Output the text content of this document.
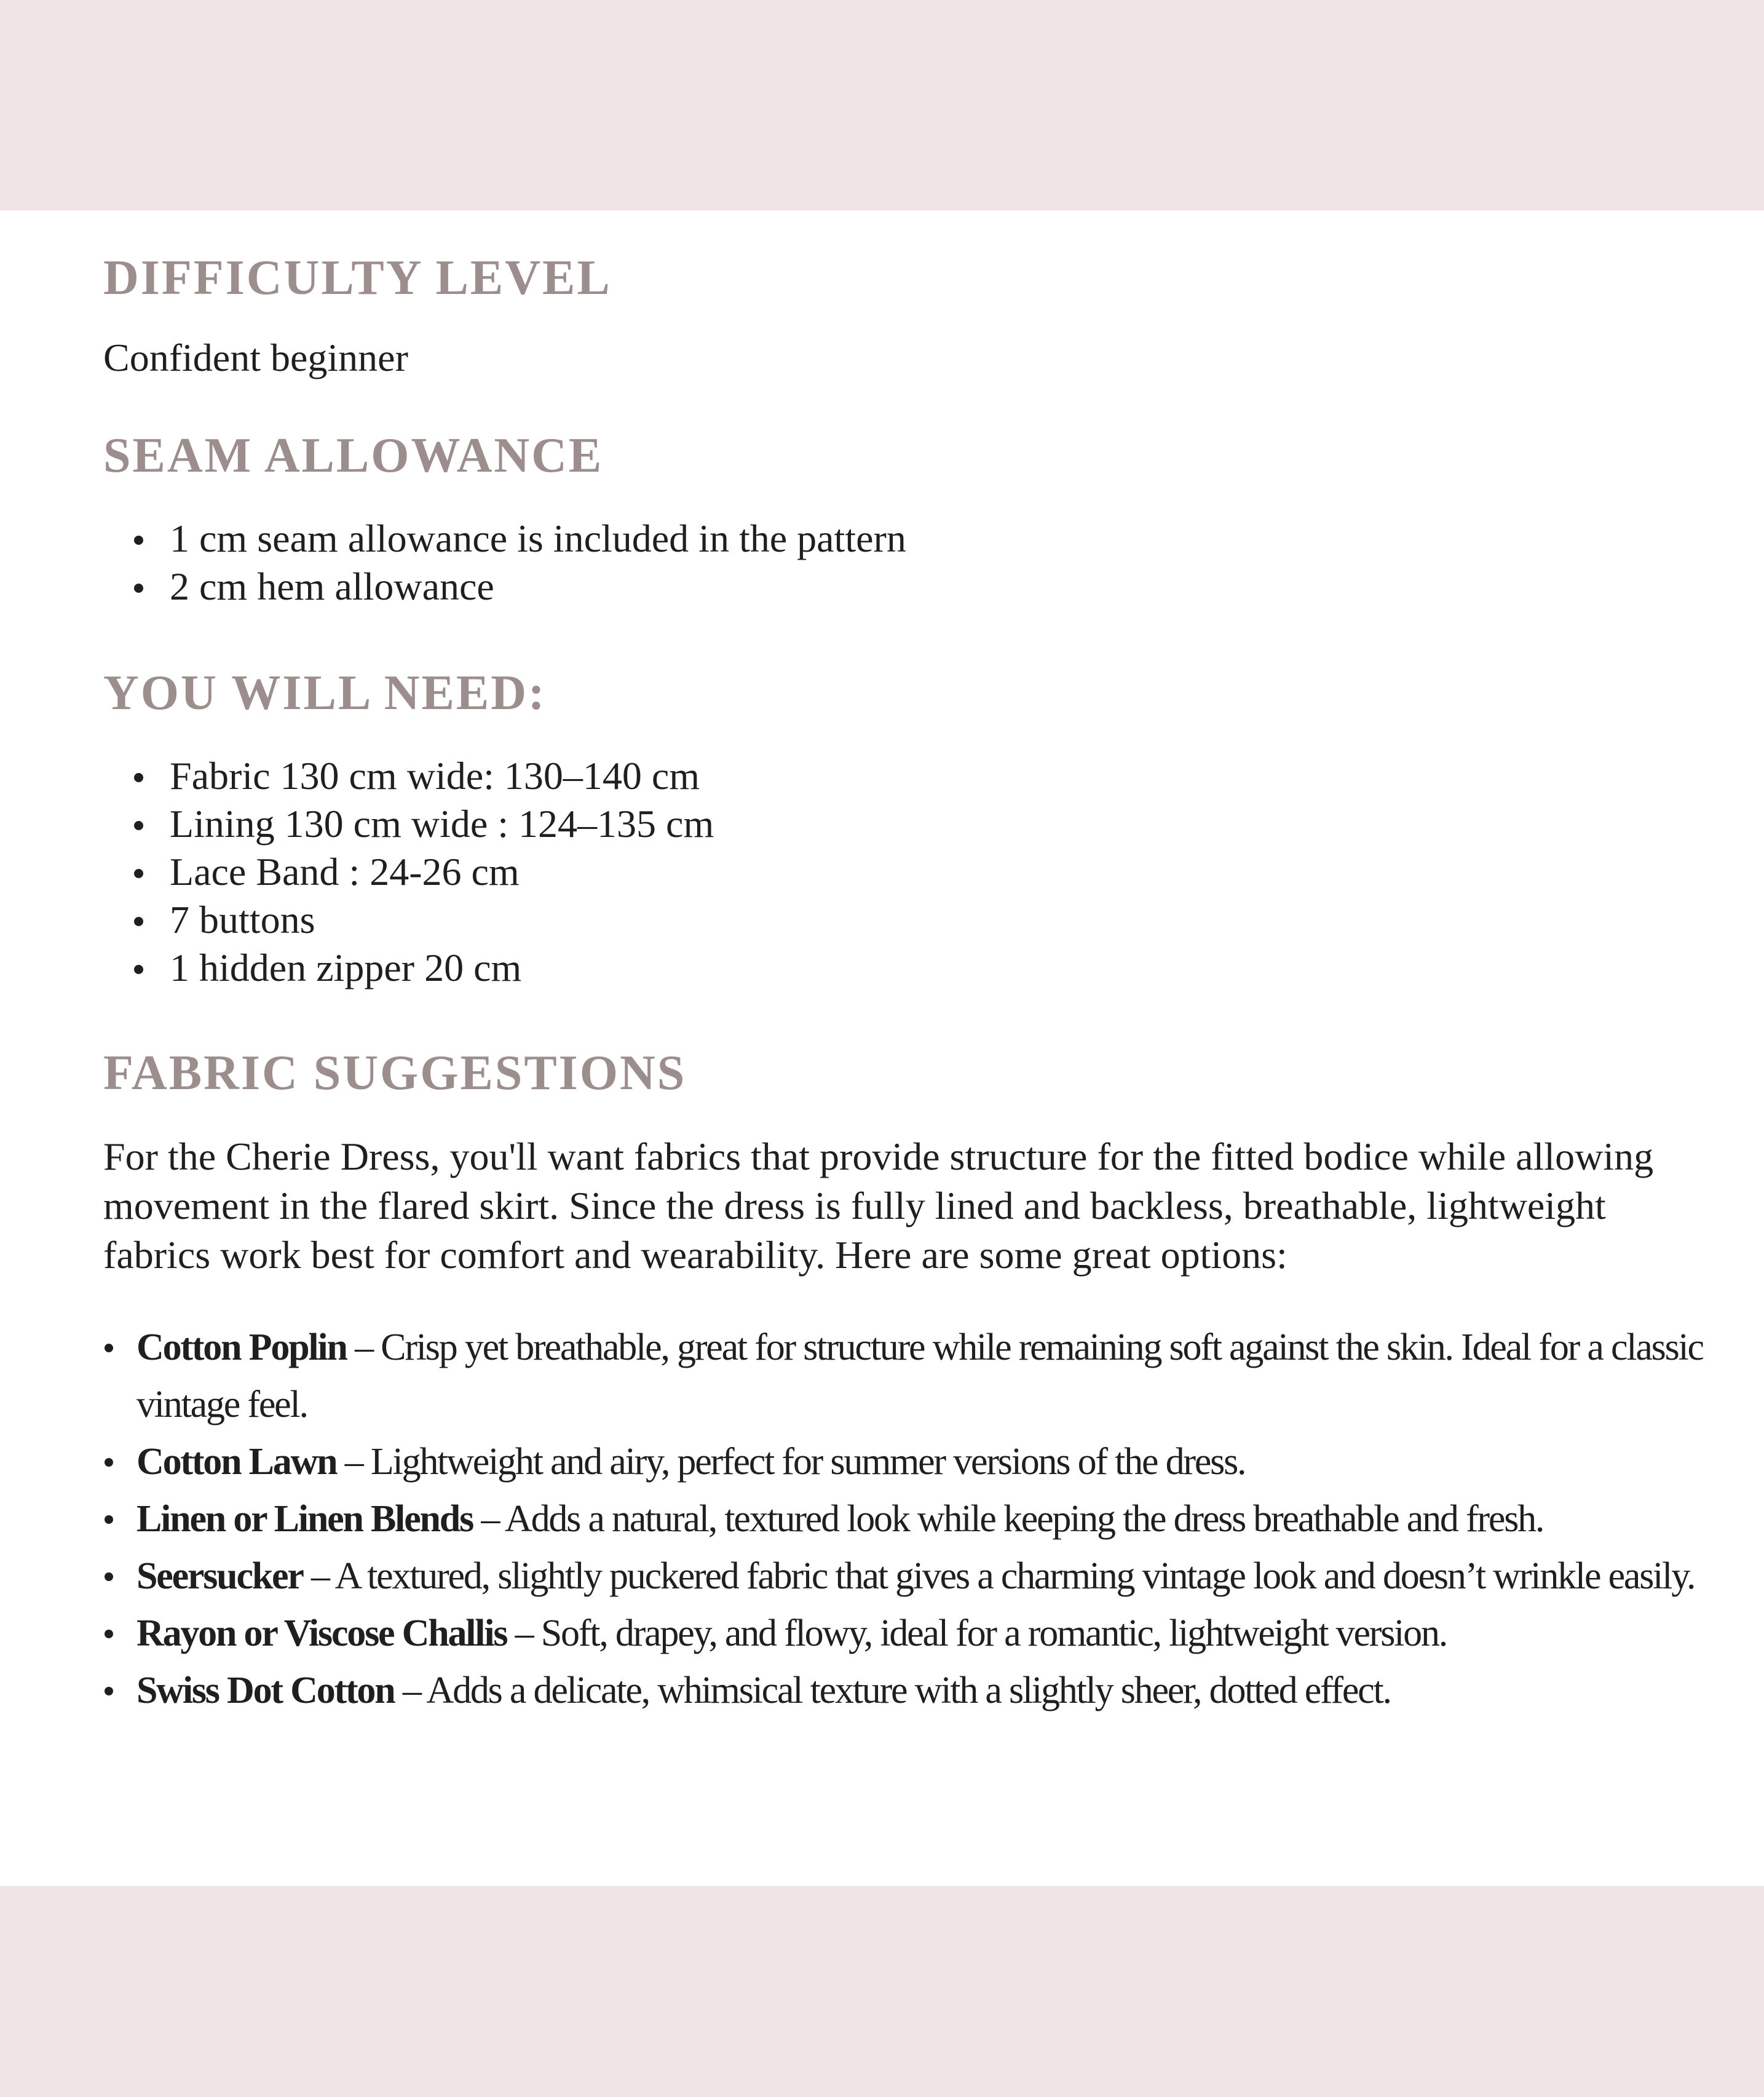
DIFFICULTY LEVEL

Confident beginner

SEAM ALLOWANCE
1 cm seam allowance is included in the pattern
2 cm hem allowance
YOU WILL NEED:
Fabric 130 cm wide: 130–140 cm
Lining 130 cm wide : 124–135 cm
Lace Band : 24-26 cm
7 buttons
1 hidden zipper 20 cm
FABRIC SUGGESTIONS

For the Cherie Dress, you'll want fabrics that provide structure for the fitted bodice while allowing movement in the flared skirt. Since the dress is fully lined and backless, breathable, lightweight fabrics work best for comfort and wearability. Here are some great options:

Cotton Poplin – Crisp yet breathable, great for structure while remaining soft against the skin. Ideal for a classic vintage feel.
Cotton Lawn – Lightweight and airy, perfect for summer versions of the dress.
Linen or Linen Blends – Adds a natural, textured look while keeping the dress breathable and fresh.
Seersucker – A textured, slightly puckered fabric that gives a charming vintage look and doesn’t wrinkle easily.
Rayon or Viscose Challis – Soft, drapey, and flowy, ideal for a romantic, lightweight version.
Swiss Dot Cotton – Adds a delicate, whimsical texture with a slightly sheer, dotted effect.
